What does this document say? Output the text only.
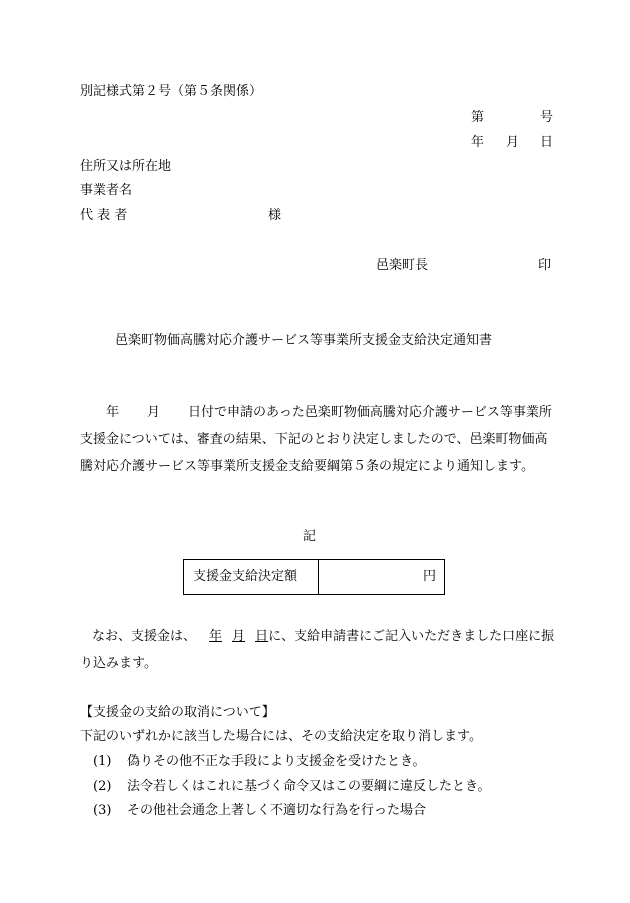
別記様式第２号（第５条関係）
第	号
年 月 日
住所又は所在地
事業者名
代 表 者	様
邑楽町長	印
邑楽町物価高騰対応介護サービス等事業所支援金支給決定通知書
年 月 日付で申請のあった邑楽町物価高騰対応介護サービス等事業所支援金については、審査の結果、下記のとおり決定しましたので、邑楽町物価高騰対応介護サービス等事業所支援金支給要綱第５条の規定により通知します。
記
支援金支給決定額	円
なお、支援金は、 年 月 日に、支給申請書にご記入いただきました口座に振り込みます。
【支援金の支給の取消について】
下記のいずれかに該当した場合には、その支給決定を取り消します。
(1) 偽りその他不正な手段により支援金を受けたとき。
(2) 法令若しくはこれに基づく命令又はこの要綱に違反したとき。
(3) その他社会通念上著しく不適切な行為を行った場合
